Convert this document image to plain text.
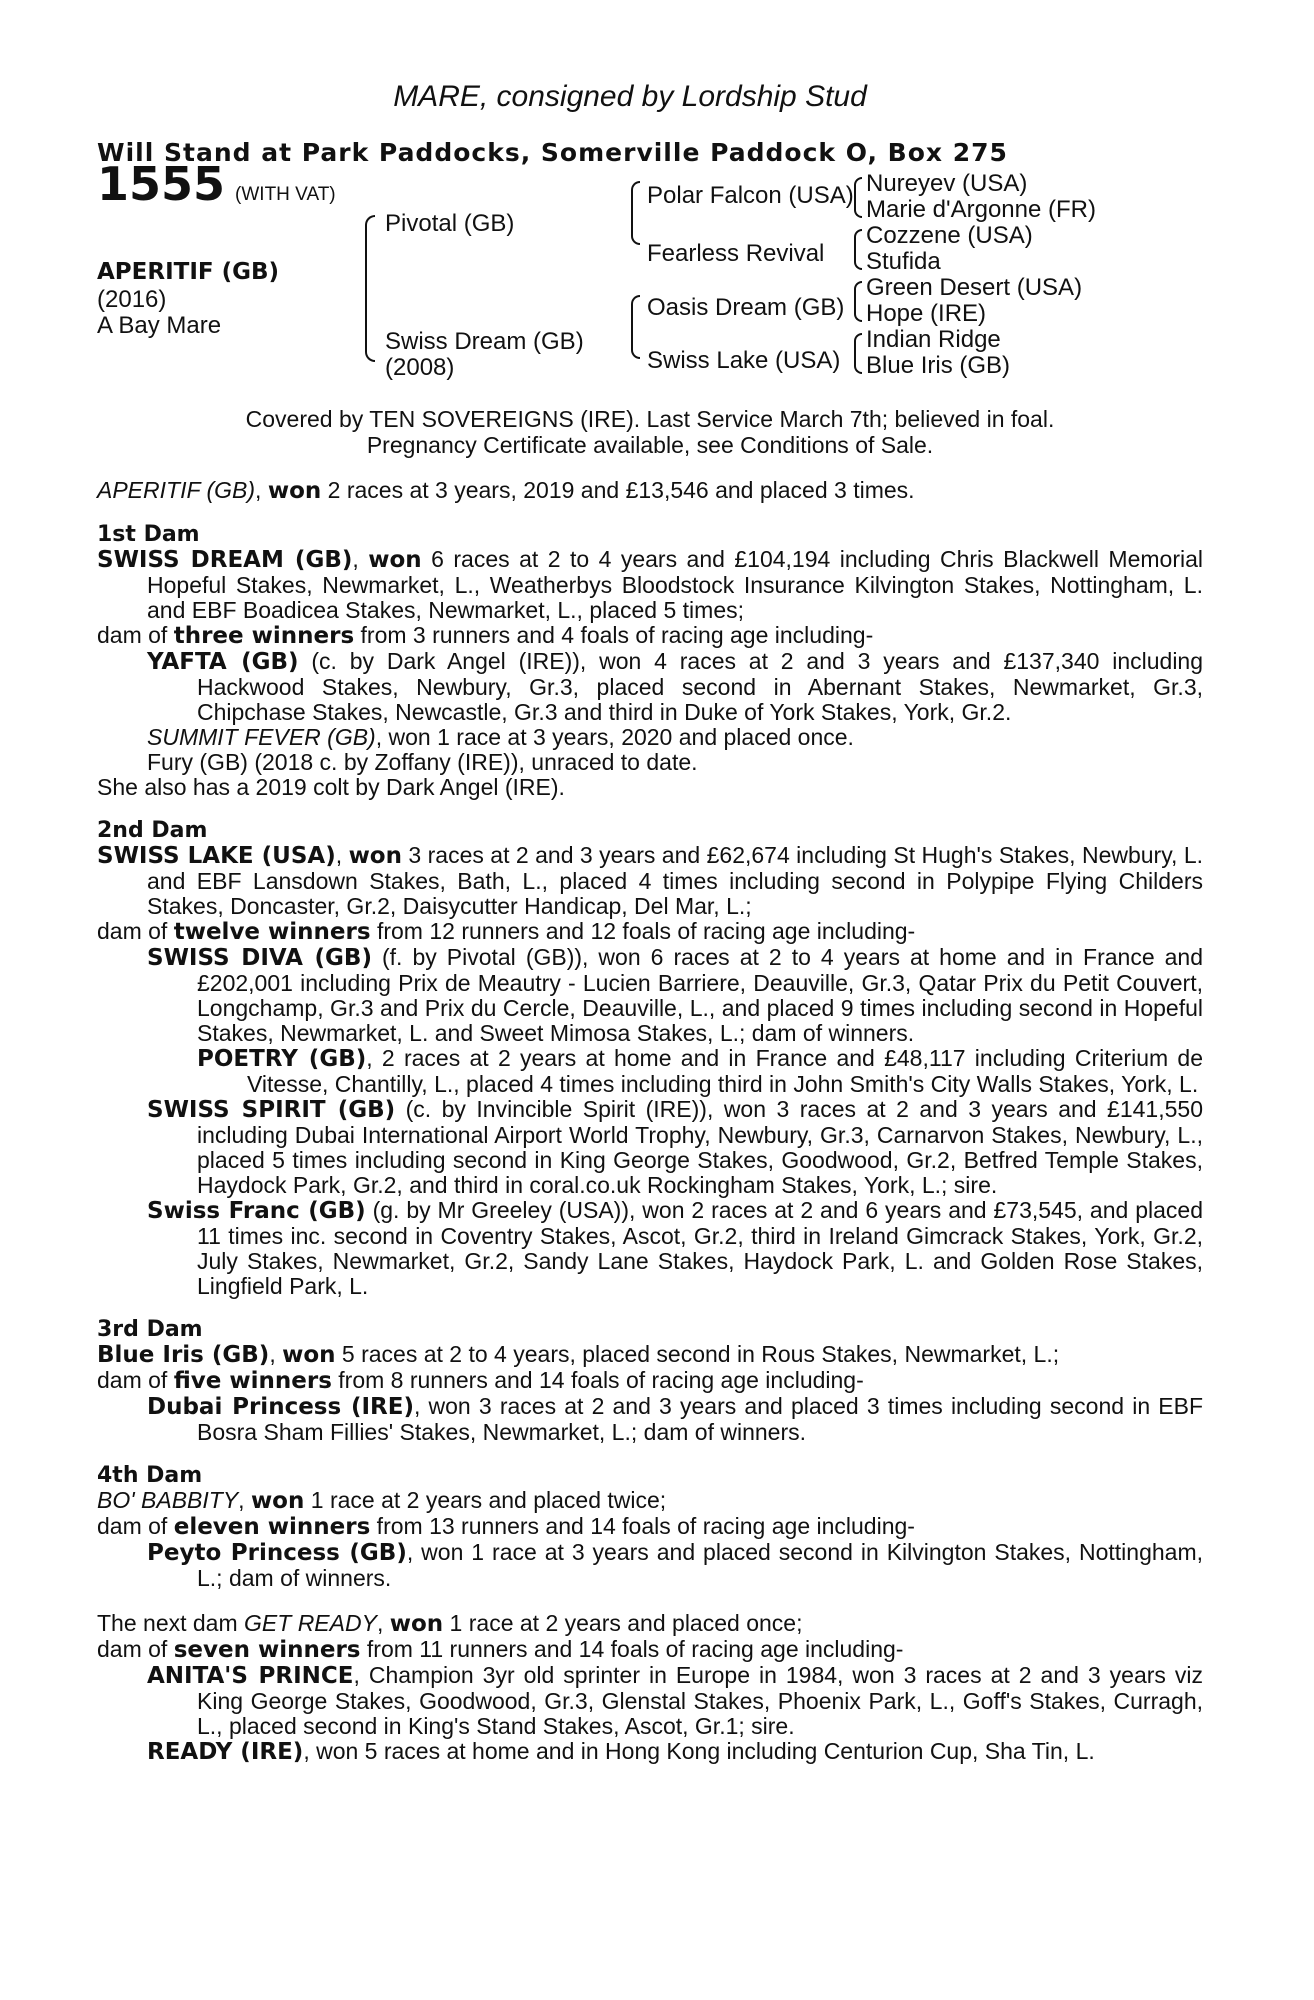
MARE, consigned by Lordship Stud
Will Stand at Park Paddocks, Somerville Paddock O, Box 275
1555 (WITH VAT)
APERITIF (GB)
(2016)
A Bay Mare
Pivotal (GB)
Swiss Dream (GB)
(2008)
Polar Falcon (USA)
Fearless Revival
Oasis Dream (GB)
Swiss Lake (USA)
Nureyev (USA)
Marie d'Argonne (FR)
Cozzene (USA)
Stufida
Green Desert (USA)
Hope (IRE)
Indian Ridge
Blue Iris (GB)
Covered by TEN SOVEREIGNS (IRE). Last Service March 7th; believed in foal.
Pregnancy Certificate available, see Conditions of Sale.

APERITIF (GB), won 2 races at 3 years, 2019 and £13,546 and placed 3 times.

1st Dam

SWISS DREAM (GB), won 6 races at 2 to 4 years and £104,194 including Chris Blackwell Memorial Hopeful Stakes, Newmarket, L., Weatherbys Bloodstock Insurance Kilvington Stakes, Nottingham, L. and EBF Boadicea Stakes, Newmarket, L., placed 5 times;

dam of three winners from 3 runners and 4 foals of racing age including-

YAFTA (GB) (c. by Dark Angel (IRE)), won 4 races at 2 and 3 years and £137,340 including Hackwood Stakes, Newbury, Gr.3, placed second in Abernant Stakes, Newmarket, Gr.3, Chipchase Stakes, Newcastle, Gr.3 and third in Duke of York Stakes, York, Gr.2.

SUMMIT FEVER (GB), won 1 race at 3 years, 2020 and placed once.

Fury (GB) (2018 c. by Zoffany (IRE)), unraced to date.

She also has a 2019 colt by Dark Angel (IRE).

2nd Dam

SWISS LAKE (USA), won 3 races at 2 and 3 years and £62,674 including St Hugh's Stakes, Newbury, L. and EBF Lansdown Stakes, Bath, L., placed 4 times including second in Polypipe Flying Childers Stakes, Doncaster, Gr.2, Daisycutter Handicap, Del Mar, L.;

dam of twelve winners from 12 runners and 12 foals of racing age including-

SWISS DIVA (GB) (f. by Pivotal (GB)), won 6 races at 2 to 4 years at home and in France and £202,001 including Prix de Meautry - Lucien Barriere, Deauville, Gr.3, Qatar Prix du Petit Couvert, Longchamp, Gr.3 and Prix du Cercle, Deauville, L., and placed 9 times including second in Hopeful Stakes, Newmarket, L. and Sweet Mimosa Stakes, L.; dam of winners.

POETRY (GB), 2 races at 2 years at home and in France and £48,117 including Criterium de Vitesse, Chantilly, L., placed 4 times including third in John Smith's City Walls Stakes, York, L.

SWISS SPIRIT (GB) (c. by Invincible Spirit (IRE)), won 3 races at 2 and 3 years and £141,550 including Dubai International Airport World Trophy, Newbury, Gr.3, Carnarvon Stakes, Newbury, L., placed 5 times including second in King George Stakes, Goodwood, Gr.2, Betfred Temple Stakes, Haydock Park, Gr.2, and third in coral.co.uk Rockingham Stakes, York, L.; sire.

Swiss Franc (GB) (g. by Mr Greeley (USA)), won 2 races at 2 and 6 years and £73,545, and placed 11 times inc. second in Coventry Stakes, Ascot, Gr.2, third in Ireland Gimcrack Stakes, York, Gr.2, July Stakes, Newmarket, Gr.2, Sandy Lane Stakes, Haydock Park, L. and Golden Rose Stakes, Lingfield Park, L.

3rd Dam

Blue Iris (GB), won 5 races at 2 to 4 years, placed second in Rous Stakes, Newmarket, L.;

dam of five winners from 8 runners and 14 foals of racing age including-

Dubai Princess (IRE), won 3 races at 2 and 3 years and placed 3 times including second in EBF Bosra Sham Fillies' Stakes, Newmarket, L.; dam of winners.

4th Dam

BO' BABBITY, won 1 race at 2 years and placed twice;

dam of eleven winners from 13 runners and 14 foals of racing age including-

Peyto Princess (GB), won 1 race at 3 years and placed second in Kilvington Stakes, Nottingham, L.; dam of winners.

The next dam GET READY, won 1 race at 2 years and placed once;

dam of seven winners from 11 runners and 14 foals of racing age including-

ANITA'S PRINCE, Champion 3yr old sprinter in Europe in 1984, won 3 races at 2 and 3 years viz King George Stakes, Goodwood, Gr.3, Glenstal Stakes, Phoenix Park, L., Goff's Stakes, Curragh, L., placed second in King's Stand Stakes, Ascot, Gr.1; sire.

READY (IRE), won 5 races at home and in Hong Kong including Centurion Cup, Sha Tin, L.
